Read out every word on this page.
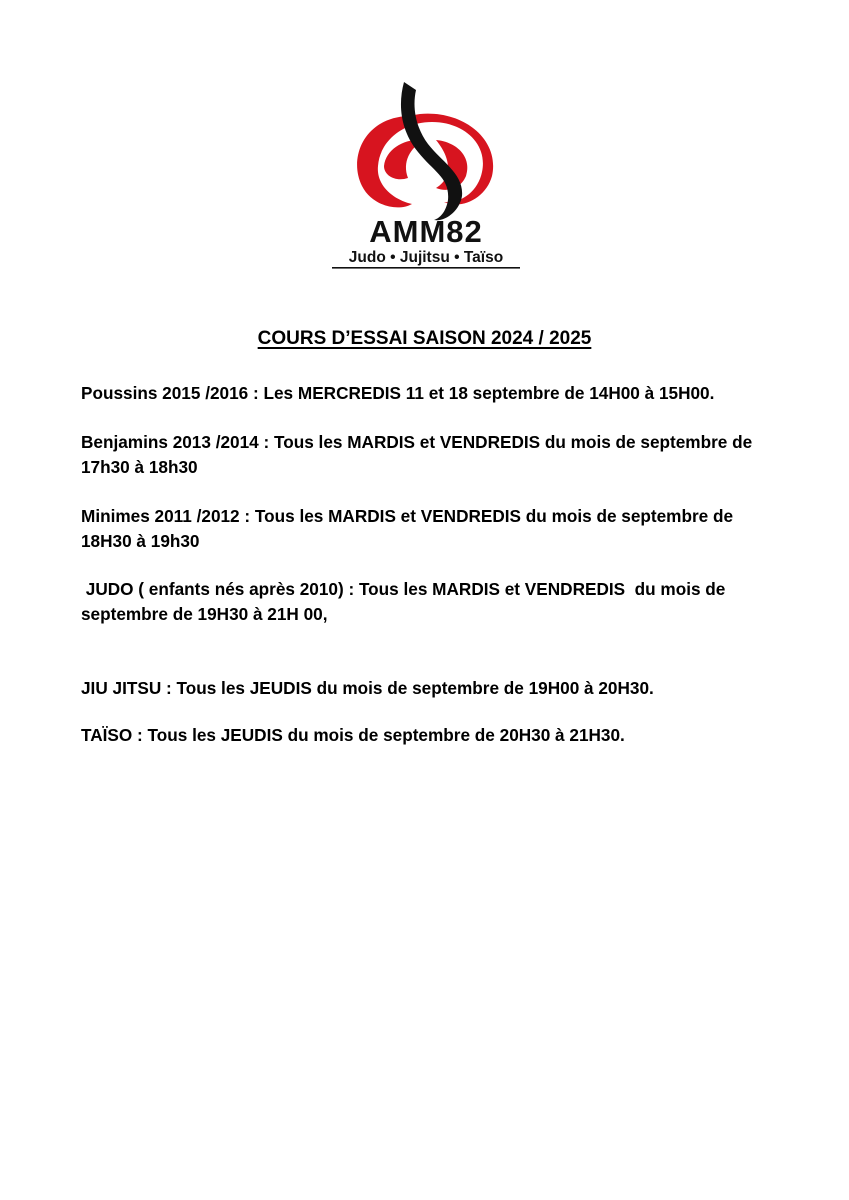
AMM82
Judo • Jujitsu • Taïso
COURS D’ESSAI SAISON 2024 / 2025
Poussins 2015 /2016 : Les MERCREDIS 11 et 18 septembre de 14H00 à 15H00.
Benjamins 2013 /2014 : Tous les MARDIS et VENDREDIS du mois de septembre de
17h30 à 18h30
Minimes 2011 /2012 : Tous les MARDIS et VENDREDIS du mois de septembre de
18H30 à 19h30
JUDO ( enfants nés après 2010) : Tous les MARDIS et VENDREDIS  du mois de
septembre de 19H30 à 21H 00,
JIU JITSU : Tous les JEUDIS du mois de septembre de 19H00 à 20H30.
TAÏSO : Tous les JEUDIS du mois de septembre de 20H30 à 21H30.
